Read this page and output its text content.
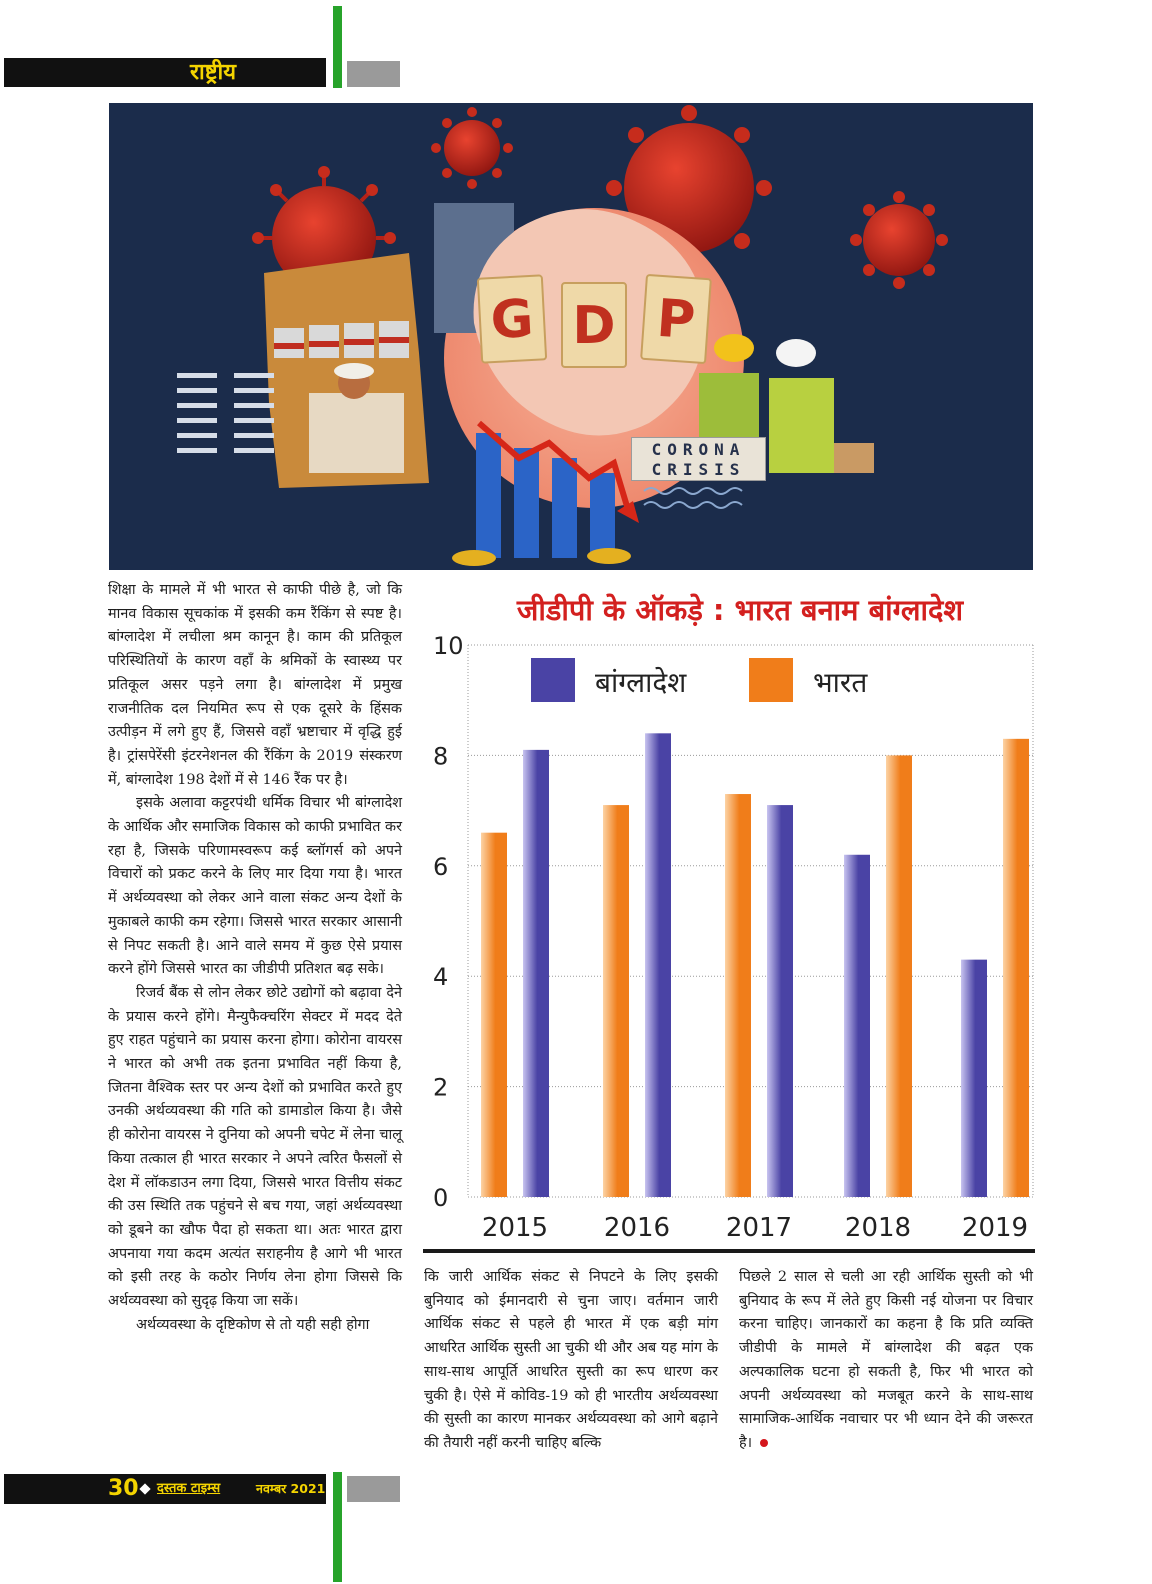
राष्ट्रीय
G D P
CORONA
CRISIS

शिक्षा के मामले में भी भारत से काफी पीछे है, जो कि मानव विकास सूचकांक में इसकी कम रैंकिंग से स्पष्ट है। बांग्लादेश में लचीला श्रम कानून है। काम की प्रतिकूल परिस्थितियों के कारण वहाँ के श्रमिकों के स्वास्थ्य पर प्रतिकूल असर पड़ने लगा है। बांग्लादेश में प्रमुख राजनीतिक दल नियमित रूप से एक दूसरे के हिंसक उत्पीड़न में लगे हुए हैं, जिससे वहाँ भ्रष्टाचार में वृद्धि हुई है। ट्रांसपेरेंसी इंटरनेशनल की रैंकिंग के 2019 संस्करण में, बांग्लादेश 198 देशों में से 146 रैंक पर है।

इसके अलावा कट्टरपंथी धर्मिक विचार भी बांग्लादेश के आर्थिक और समाजिक विकास को काफी प्रभावित कर रहा है, जिसके परिणामस्वरूप कई ब्लॉगर्स को अपने विचारों को प्रकट करने के लिए मार दिया गया है। भारत में अर्थव्यवस्था को लेकर आने वाला संकट अन्य देशों के मुकाबले काफी कम रहेगा। जिससे भारत सरकार आसानी से निपट सकती है। आने वाले समय में कुछ ऐसे प्रयास करने होंगे जिससे भारत का जीडीपी प्रतिशत बढ़ सके।

रिजर्व बैंक से लोन लेकर छोटे उद्योगों को बढ़ावा देने के प्रयास करने होंगे। मैन्युफैक्चरिंग सेक्टर में मदद देते हुए राहत पहुंचाने का प्रयास करना होगा। कोरोना वायरस ने भारत को अभी तक इतना प्रभावित नहीं किया है, जितना वैश्विक स्तर पर अन्य देशों को प्रभावित करते हुए उनकी अर्थव्यवस्था की गति को डामाडोल किया है। जैसे ही कोरोना वायरस ने दुनिया को अपनी चपेट में लेना चालू किया तत्काल ही भारत सरकार ने अपने त्वरित फैसलों से देश में लॉकडाउन लगा दिया, जिससे भारत वित्तीय संकट की उस स्थिति तक पहुंचने से बच गया, जहां अर्थव्यवस्था को डूबने का खौफ पैदा हो सकता था। अतः भारत द्वारा अपनाया गया कदम अत्यंत सराहनीय है आगे भी भारत को इसी तरह के कठोर निर्णय लेना होगा जिससे कि अर्थव्यवस्था को सुदृढ़ किया जा सकें।

अर्थव्यवस्था के दृष्टिकोण से तो यही सही होगा

जीडीपी के ऑकड़े : भारत बनाम बांग्लादेश
0
2
4
6
8
10
2015 2016 2017 2018 2019
बांग्लादेश	भारत

कि जारी आर्थिक संकट से निपटने के लिए इसकी बुनियाद को ईमानदारी से चुना जाए। वर्तमान जारी आर्थिक संकट से पहले ही भारत में एक बड़ी मांग आधरित आर्थिक सुस्ती आ चुकी थी और अब यह मांग के साथ-साथ आपूर्ति आधरित सुस्ती का रूप धारण कर चुकी है। ऐसे में कोविड-19 को ही भारतीय अर्थव्यवस्था की सुस्ती का कारण मानकर अर्थव्यवस्था को आगे बढ़ाने की तैयारी नहीं करनी चाहिए बल्कि

पिछले 2 साल से चली आ रही आर्थिक सुस्ती को भी बुनियाद के रूप में लेते हुए किसी नई योजना पर विचार करना चाहिए। जानकारों का कहना है कि प्रति व्यक्ति जीडीपी के मामले में बांग्लादेश की बढ़त एक अल्पकालिक घटना हो सकती है, फिर भी भारत को अपनी अर्थव्यवस्था को मजबूत करने के साथ-साथ सामाजिक-आर्थिक नवाचार पर भी ध्यान देने की जरूरत है।

30 दस्तक टाइम्स	नवम्बर 2021
